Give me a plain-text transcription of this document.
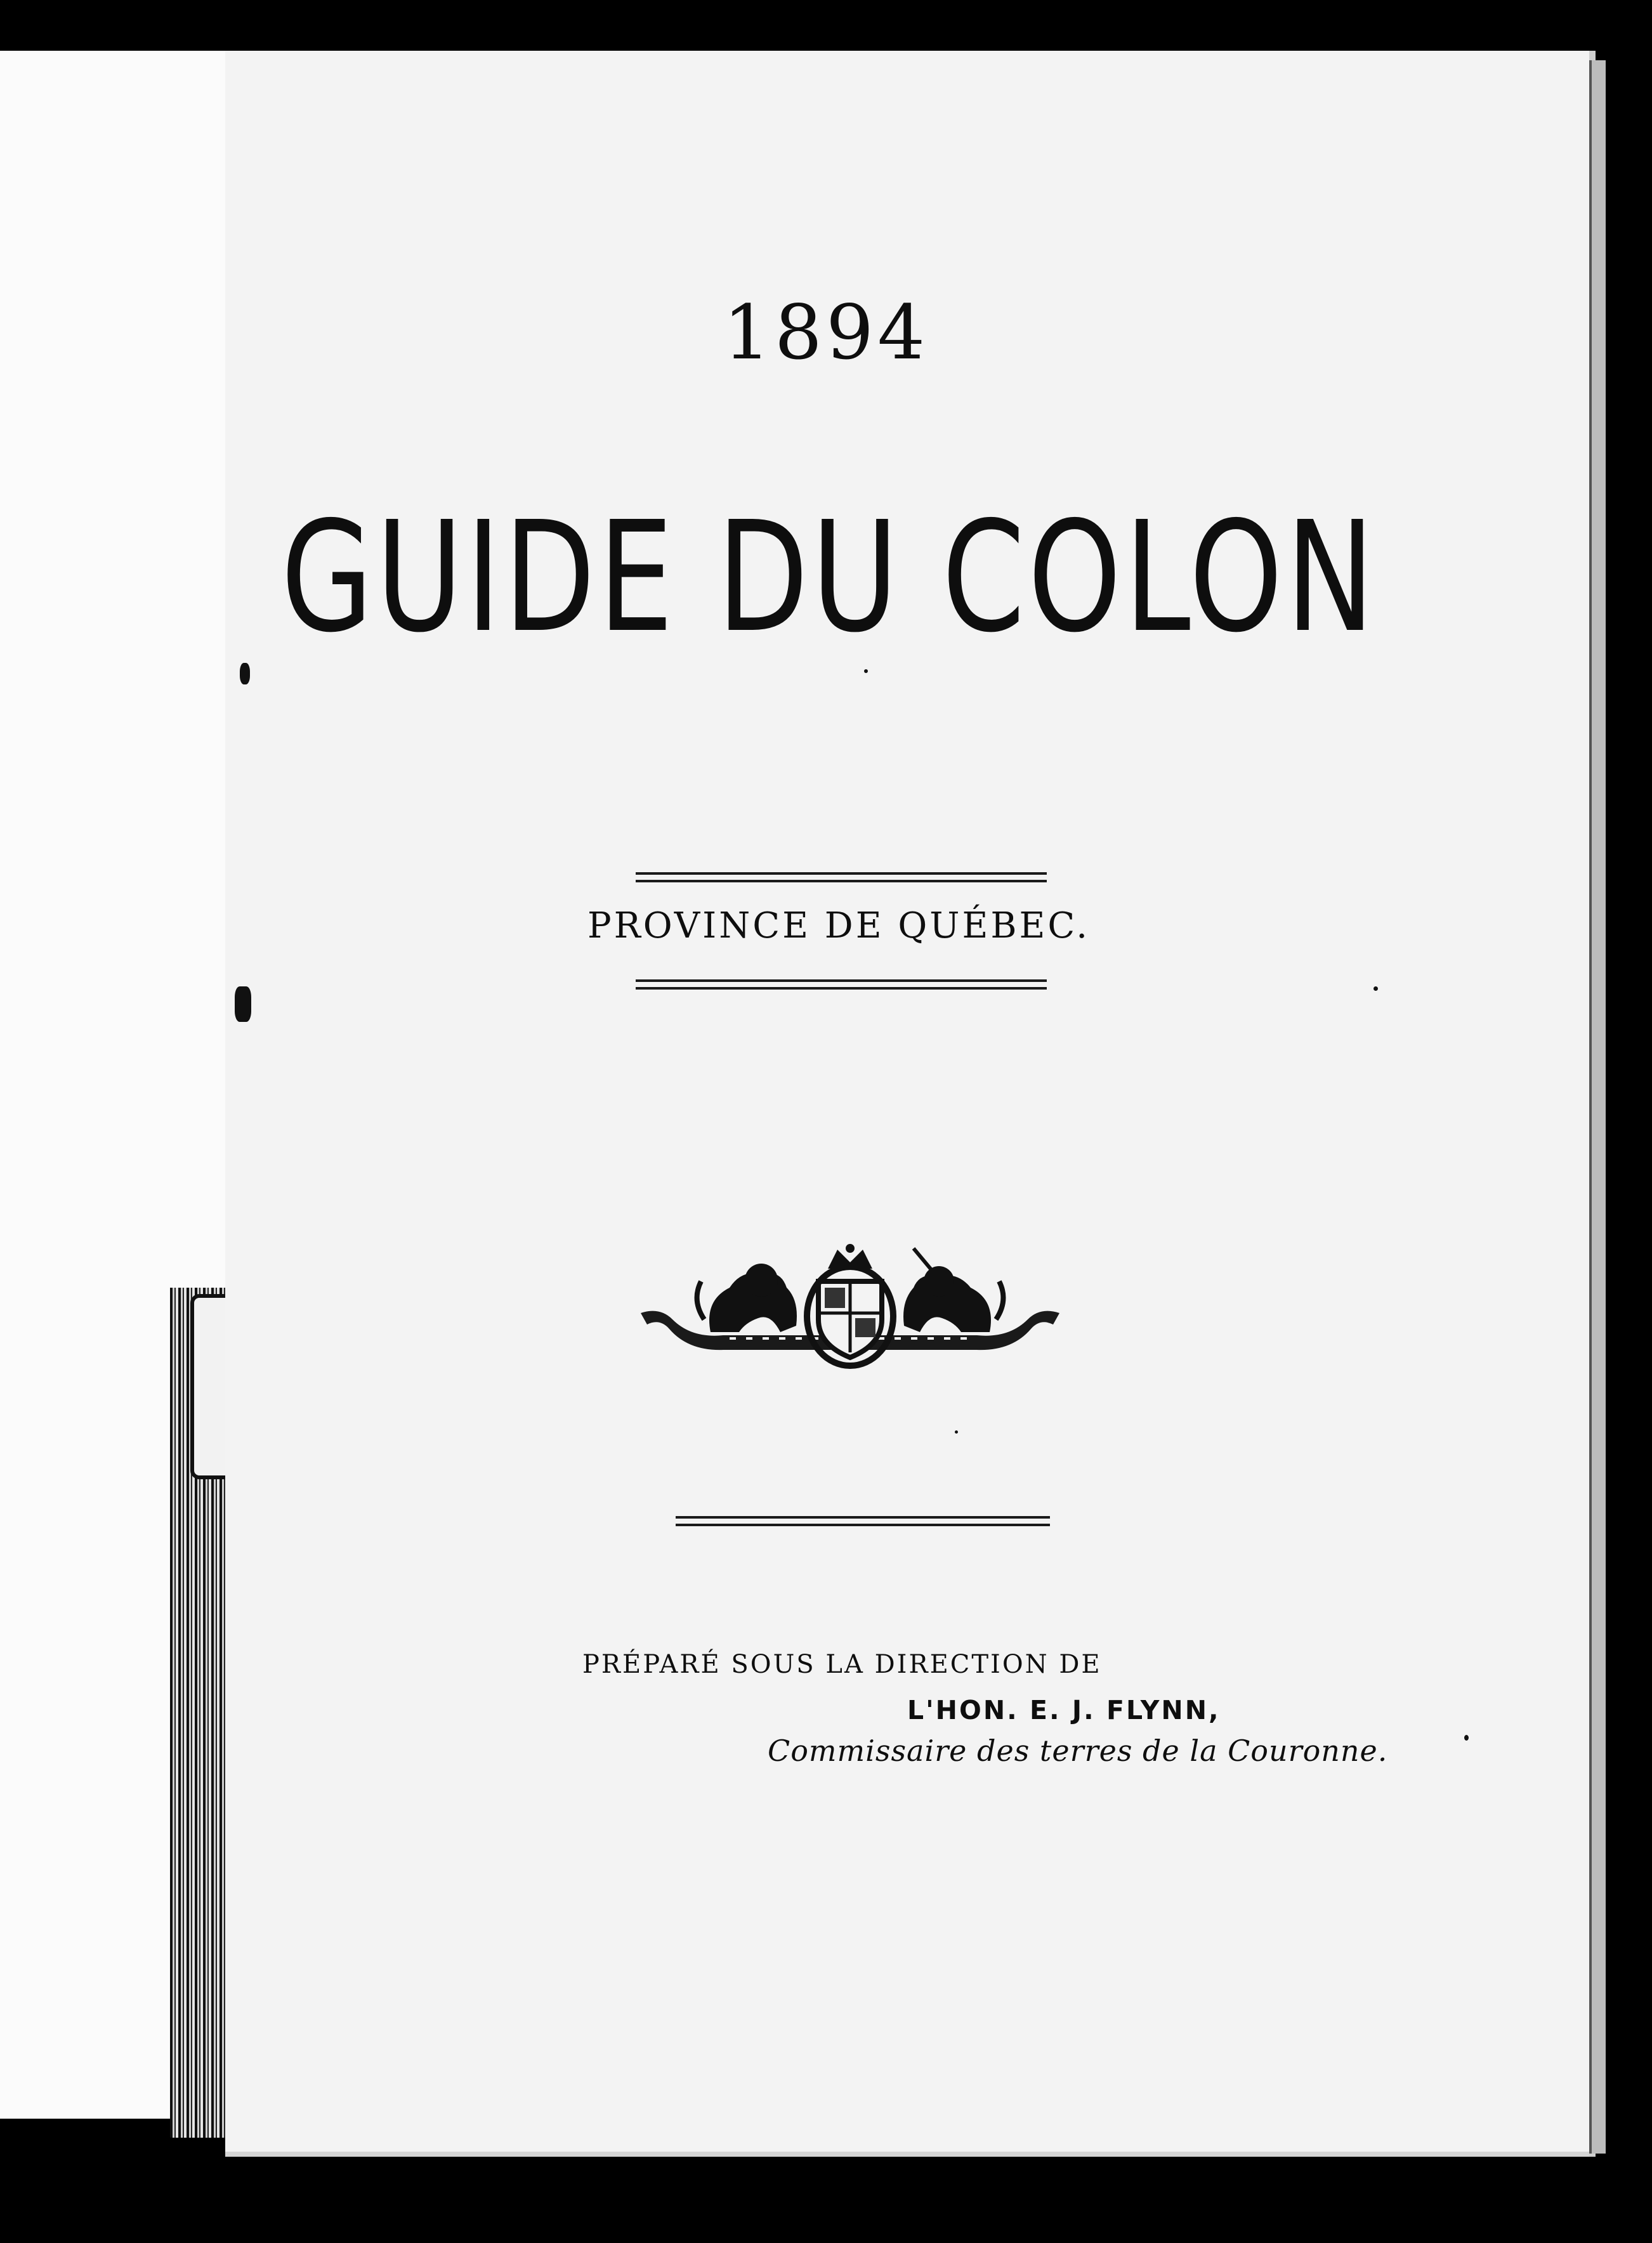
1894
GUIDE DU COLON
PROVINCE DE QUÉBEC.
PRÉPARÉ SOUS LA DIRECTION DE
L'HON. E. J. FLYNN,
Commissaire des terres de la Couronne.
